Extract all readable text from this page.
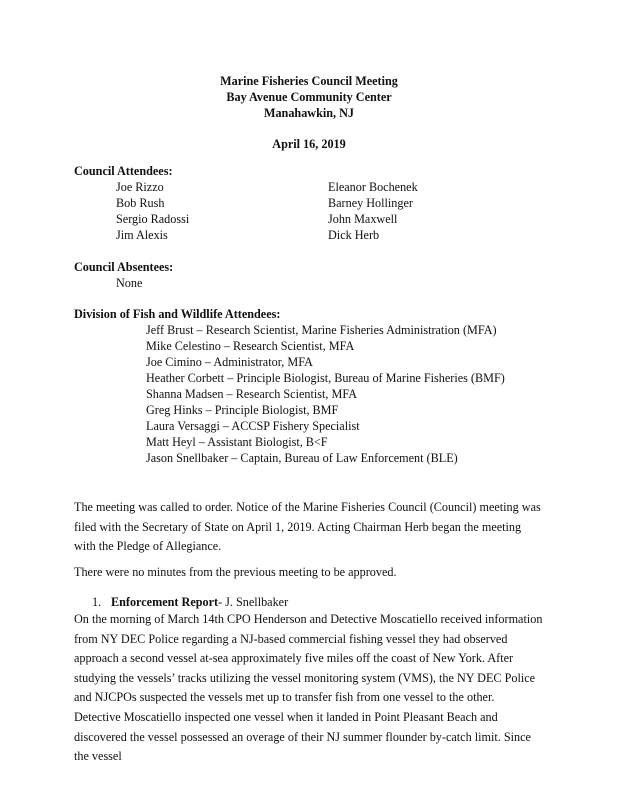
Marine Fisheries Council Meeting
Bay Avenue Community Center
Manahawkin, NJ
April 16, 2019
Council Attendees:
Joe Rizzo
Bob Rush
Sergio Radossi
Jim Alexis
Eleanor Bochenek
Barney Hollinger
John Maxwell
Dick Herb
Council Absentees:
None
Division of Fish and Wildlife Attendees:
Jeff Brust – Research Scientist, Marine Fisheries Administration (MFA)
Mike Celestino – Research Scientist, MFA
Joe Cimino – Administrator, MFA
Heather Corbett – Principle Biologist, Bureau of Marine Fisheries (BMF)
Shanna Madsen – Research Scientist, MFA
Greg Hinks – Principle Biologist, BMF
Laura Versaggi – ACCSP Fishery Specialist
Matt Heyl – Assistant Biologist, B<F
Jason Snellbaker – Captain, Bureau of Law Enforcement (BLE)
The meeting was called to order. Notice of the Marine Fisheries Council (Council) meeting was filed with the Secretary of State on April 1, 2019. Acting Chairman Herb began the meeting with the Pledge of Allegiance.
There were no minutes from the previous meeting to be approved.
1. Enforcement Report- J. Snellbaker
On the morning of March 14th CPO Henderson and Detective Moscatiello received information from NY DEC Police regarding a NJ-based commercial fishing vessel they had observed approach a second vessel at-sea approximately five miles off the coast of New York. After studying the vessels’ tracks utilizing the vessel monitoring system (VMS), the NY DEC Police and NJCPOs suspected the vessels met up to transfer fish from one vessel to the other. Detective Moscatiello inspected one vessel when it landed in Point Pleasant Beach and discovered the vessel possessed an overage of their NJ summer flounder by-catch limit. Since the vessel
